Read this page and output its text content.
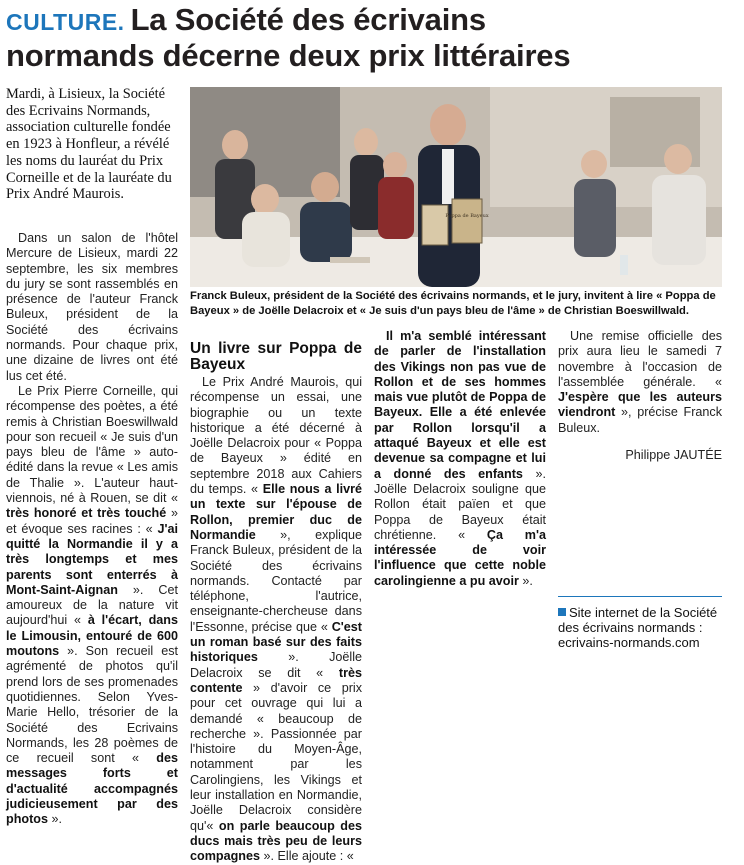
CULTURE. La Société des écrivains
normands décerne deux prix littéraires
Mardi, à Lisieux, la Société des Ecrivains Normands, association culturelle fondée en 1923 à Honfleur, a révélé les noms du lauréat du Prix Corneille et de la lauréate du Prix André Maurois.
Poppa de Bayeux
Franck Buleux, président de la Société des écrivains normands, et le jury, invitent à lire « Poppa de Bayeux » de Joëlle Delacroix et « Je suis d'un pays bleu de l'âme » de Christian Boeswillwald.

Dans un salon de l'hôtel Mercure de Lisieux, mardi 22 septembre, les six membres du jury se sont rassemblés en présence de l'auteur Franck Buleux, président de la Société des écrivains normands. Pour chaque prix, une dizaine de livres ont été lus cet été.

Le Prix Pierre Corneille, qui récompense des poètes, a été remis à Christian Boeswillwald pour son recueil « Je suis d'un pays bleu de l'âme » auto-édité dans la revue « Les amis de Thalie ». L'auteur haut-viennois, né à Rouen, se dit « très honoré et très touché » et évoque ses racines : « J'ai quitté la Normandie il y a très longtemps et mes parents sont enterrés à Mont-Saint-Aignan ». Cet amoureux de la nature vit aujourd'hui « à l'écart, dans le Limousin, entouré de 600 moutons ». Son recueil est agrémenté de photos qu'il prend lors de ses promenades quotidiennes. Selon Yves-Marie Hello, trésorier de la Société des Ecrivains Normands, les 28 poèmes de ce recueil sont « des messages forts et d'actualité accompagnés judicieusement par des photos ».

Un livre sur Poppa de Bayeux

Le Prix André Maurois, qui récompense un essai, une biographie ou un texte historique a été décerné à Joëlle Delacroix pour « Poppa de Bayeux » édité en septembre 2018 aux Cahiers du temps. « Elle nous a livré un texte sur l'épouse de Rollon, premier duc de Normandie », explique Franck Buleux, président de la Société des écrivains normands. Contacté par téléphone, l'autrice, enseignante-chercheuse dans l'Essonne, précise que « C'est un roman basé sur des faits historiques ». Joëlle Delacroix se dit « très contente » d'avoir ce prix pour cet ouvrage qui lui a demandé « beaucoup de recherche ». Passionnée par l'histoire du Moyen-Âge, notamment par les Carolingiens, les Vikings et leur installation en Normandie, Joëlle Delacroix considère qu'« on parle beaucoup des ducs mais très peu de leurs compagnes ». Elle ajoute : «

Il m'a semblé intéressant de parler de l'installation des Vikings non pas vue de Rollon et de ses hommes mais vue plutôt de Poppa de Bayeux. Elle a été enlevée par Rollon lorsqu'il a attaqué Bayeux et elle est devenue sa compagne et lui a donné des enfants ». Joëlle Delacroix souligne que Rollon était païen et que Poppa de Bayeux était chrétienne. « Ça m'a intéressée de voir l'influence que cette noble carolingienne a pu avoir ».

Une remise officielle des prix aura lieu le samedi 7 novembre à l'occasion de l'assemblée générale. « J'espère que les auteurs viendront », précise Franck Buleux.

Philippe JAUTÉE
Site internet de la Société des écrivains normands :
ecrivains-normands.com
